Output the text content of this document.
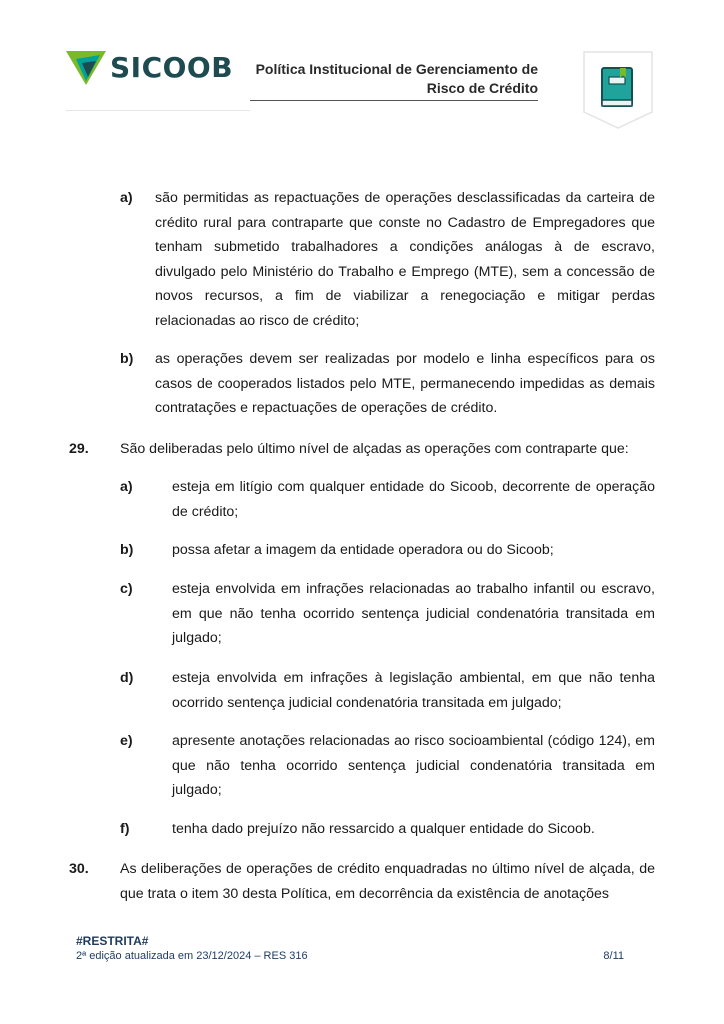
SICOOB	Política Institucional de Gerenciamento de
Risco de Crédito
a) são permitidas as repactuações de operações desclassificadas da carteira de crédito rural para contraparte que conste no Cadastro de Empregadores que tenham submetido trabalhadores a condições análogas à de escravo, divulgado pelo Ministério do Trabalho e Emprego (MTE), sem a concessão de novos recursos, a fim de viabilizar a renegociação e mitigar perdas relacionadas ao risco de crédito;
b) as operações devem ser realizadas por modelo e linha específicos para os casos de cooperados listados pelo MTE, permanecendo impedidas as demais contratações e repactuações de operações de crédito.
29. São deliberadas pelo último nível de alçadas as operações com contraparte que:
a)	esteja em litígio com qualquer entidade do Sicoob, decorrente de operação de crédito;
b)	possa afetar a imagem da entidade operadora ou do Sicoob;
c)	esteja envolvida em infrações relacionadas ao trabalho infantil ou escravo, em que não tenha ocorrido sentença judicial condenatória transitada em julgado;
d)	esteja envolvida em infrações à legislação ambiental, em que não tenha ocorrido sentença judicial condenatória transitada em julgado;
e)	apresente anotações relacionadas ao risco socioambiental (código 124), em que não tenha ocorrido sentença judicial condenatória transitada em julgado;
f)	tenha dado prejuízo não ressarcido a qualquer entidade do Sicoob.
30. As deliberações de operações de crédito enquadradas no último nível de alçada, de que trata o item 30 desta Política, em decorrência da existência de anotações
#RESTRITA#
2ª edição atualizada em 23/12/2024 – RES 316	8/11
